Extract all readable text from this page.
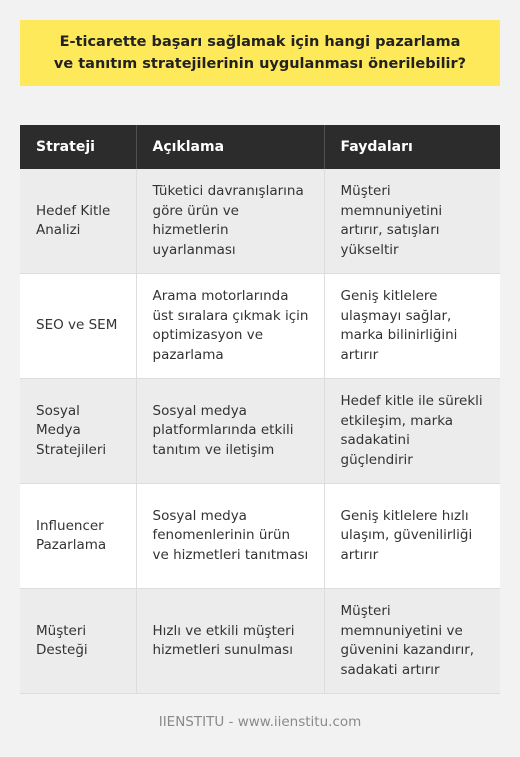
E-ticarette başarı sağlamak için hangi pazarlama ve tanıtım stratejilerinin uygulanması önerilebilir?
Strateji	Açıklama	Faydaları
Hedef Kitle Analizi	Tüketici davranışlarına göre ürün ve hizmetlerin uyarlanması	Müşteri memnuniyetini artırır, satışları yükseltir
SEO ve SEM	Arama motorlarında üst sıralara çıkmak için optimizasyon ve pazarlama	Geniş kitlelere ulaşmayı sağlar, marka bilinirliğini artırır
Sosyal Medya Stratejileri	Sosyal medya platformlarında etkili tanıtım ve iletişim	Hedef kitle ile sürekli etkileşim, marka sadakatini güçlendirir
Influencer Pazarlama	Sosyal medya fenomenlerinin ürün ve hizmetleri tanıtması	Geniş kitlelere hızlı ulaşım, güvenilirliği artırır
Müşteri Desteği	Hızlı ve etkili müşteri hizmetleri sunulması	Müşteri memnuniyetini ve güvenini kazandırır, sadakati artırır
IIENSTITU - www.iienstitu.com
